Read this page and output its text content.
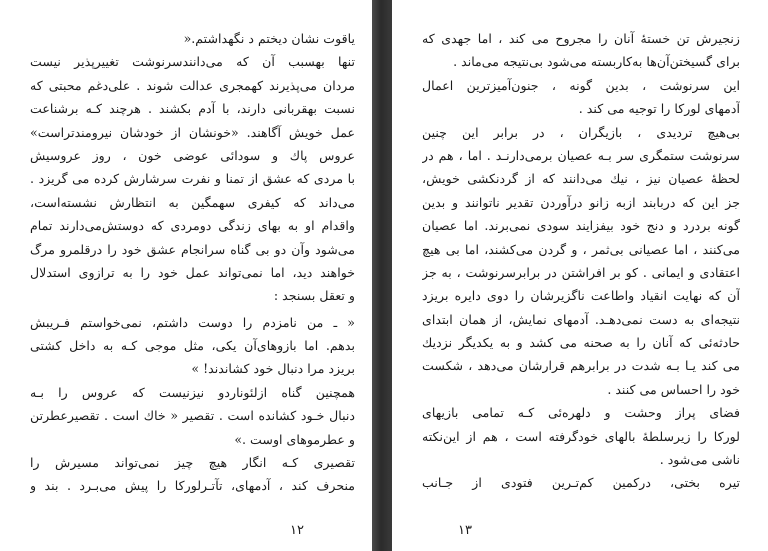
یاقوت نشان دیختم د نگهداشتم.«
تنها بهسبب آن که می‌دانندسرنوشت تغییرپذیر نیست
مردان می‌پذیرند کهمجری عدالت شوند . علی‌دغم محبتی که
نسبت بهقربانی دارند، با آدم بکشند . هرچند کـه برشناعت
عمل خویش آگاهند. «خونشان از خودشان نیرومندتراست»
عروس پاك و سودائی عوضی خون ، روز عروسیش
با مردی که عشق از تمنا و نفرت سرشارش کرده می گریزد .
می‌داند که کیفری سهمگین به انتظارش نشسته‌است،
واقدام او به بهای زندگی دومردی که دوستش‌می‌دارند تمام
می‌شود وآن دو بی گناه سرانجام عشق خود را درقلمرو مرگ
خواهند دید، اما نمی‌تواند عمل خود را به ترازوی استدلال
و تعقل بسنجد :
« ـ من نامزدم را دوست داشتم، نمی‌خواستم فـریبش
بدهم. اما بازوهای‌آن یکی، مثل موجی کـه به داخل کشتی
بریزد مرا دنبال خود کشاندند! »
همچنین گناه ازلئوناردو نیزنیست که عروس را بـه
دنبال خـود کشانده است . تقصیر « خاك است . تقصیرعطرتن
و عطرموهای اوست .»
تقصیری کـه انگار هیچ چیز نمی‌تواند مسیرش را
منحرف کند ، آدمهای، تآتـرلورکا را پیش می‌بـرد . بند و
۱۲
زنجیرش تن خستهٔ آنان را مجروح می کند ، اما جهدی که
برای گسیختن‌آن‌ها به‌کاربسته می‌شود بی‌نتیجه می‌ماند .
این سرنوشت ، بدین گونه ، جنون‌آمیزترین اعمال
آدمهای لورکا را توجیه می کند .
بی‌هیچ تردیدی ، بازیگران ، در برابر این چنین
سرنوشت ستمگری سر بـه عصیان برمی‌دارنـد . اما ، هم در
لحظهٔ عصیان نیز ، نیك می‌دانند که از گردنکشی خویش،
جز این که دربابند ازبه زانو درآوردن تقدیر ناتوانند و بدین
گونه بردرد و دنج خود بیفزایند سودی نمی‌برند. اما عصیان
می‌کنند ، اما عصیانی بی‌ثمر ، و گردن می‌کشند، اما بی هیچ
اعتقادی و ایمانی . کو بر افراشتن در برابرسرنوشت ، به جز
آن که نهایت انقیاد واطاعت ناگزیرشان را دوی دایره بریزد
نتیجه‌ای به دست نمی‌دهـد. آدمهای نمایش، از همان ابتدای
حادثه‌ئی که آنان را به صحنه می کشد و به یکدیگر نزدیك
می کند یـا بـه شدت در برابرهم قرارشان می‌دهد ، شکست
خود را احساس می کنند .
فضای پراز وحشت و دلهره‌ئی کـه تمامی بازیهای
لورکا را زیرسلطهٔ بالهای خودگرفته است ، هم از این‌نکته
ناشی می‌شود .
تیره بختی، درکمین کم‌تـرین فتودی از جـانب
۱۳
